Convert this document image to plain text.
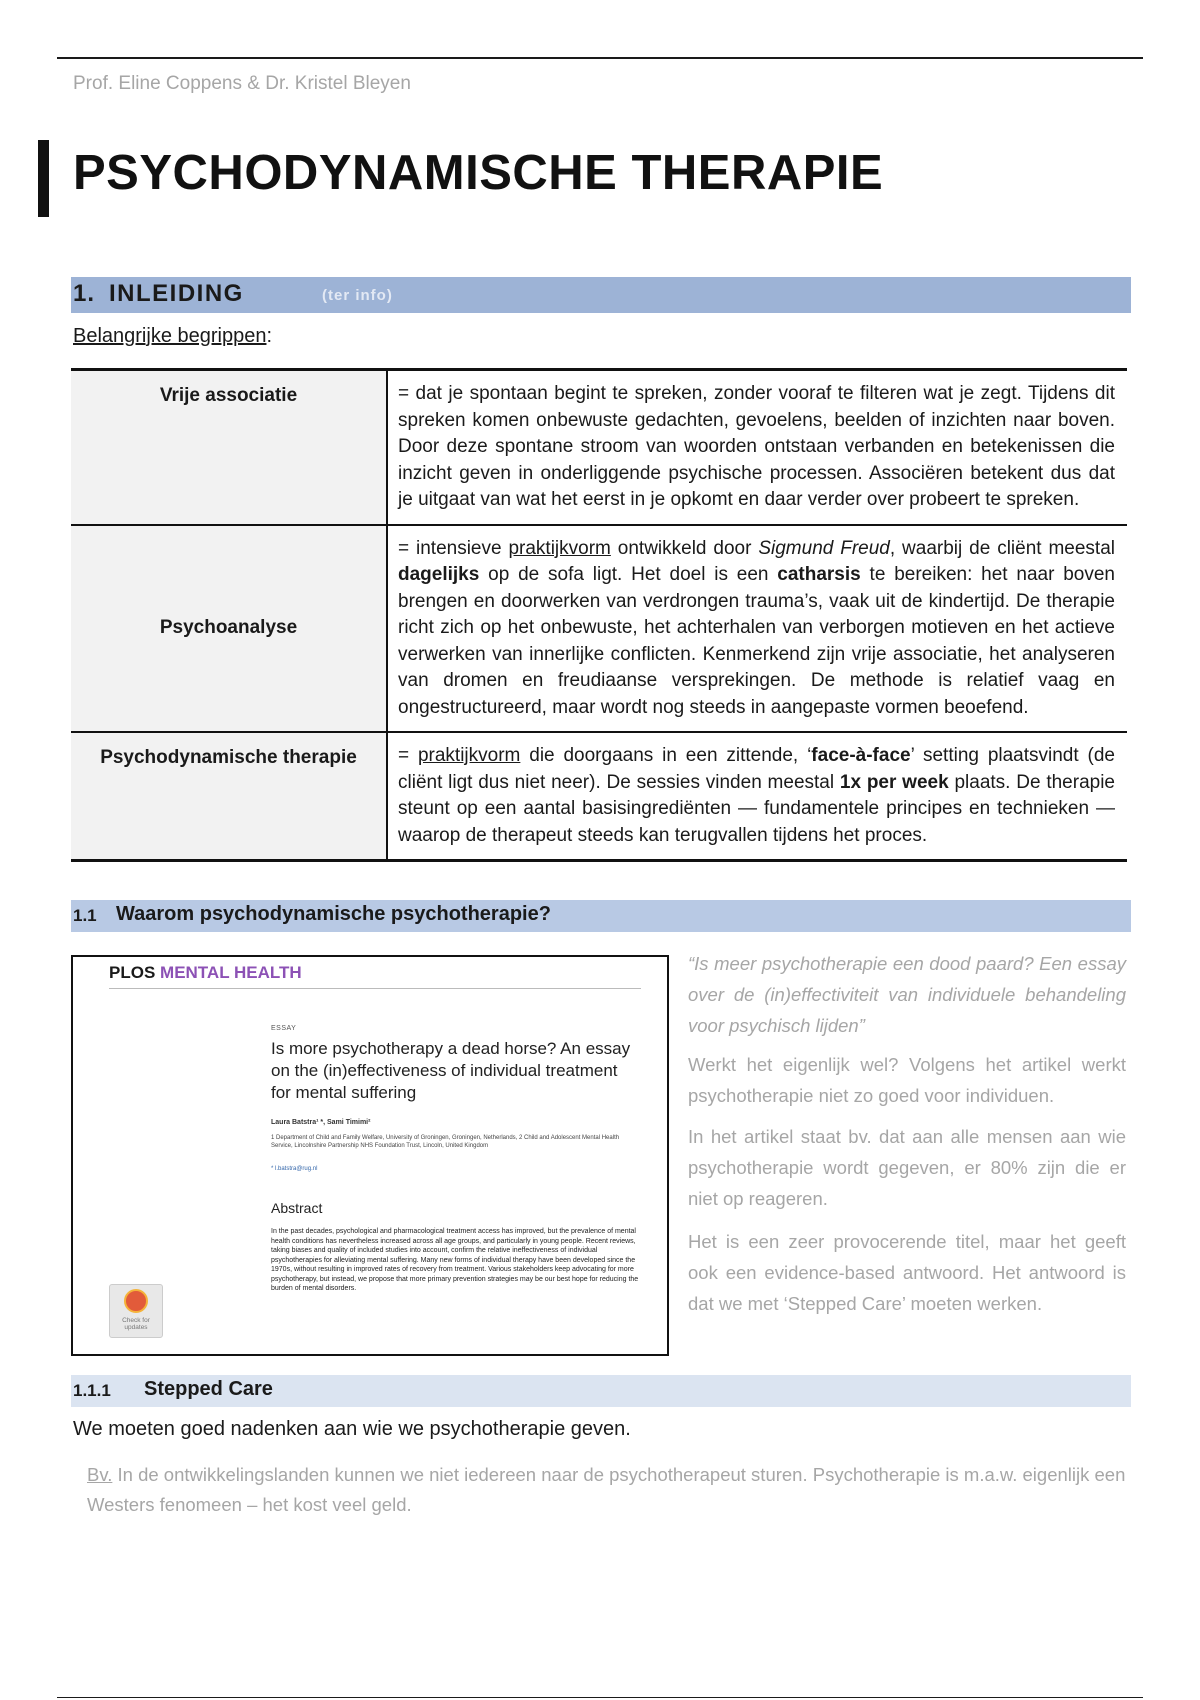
Prof. Eline Coppens & Dr. Kristel Bleyen
PSYCHODYNAMISCHE THERAPIE
1. INLEIDING	(ter info)
Belangrijke begrippen:
Vrije associatie	= dat je spontaan begint te spreken, zonder vooraf te filteren wat je zegt. Tijdens dit spreken komen onbewuste gedachten, gevoelens, beelden of inzichten naar boven. Door deze spontane stroom van woorden ontstaan verbanden en betekenissen die inzicht geven in onderliggende psychische processen. Associëren betekent dus dat je uitgaat van wat het eerst in je opkomt en daar verder over probeert te spreken.
Psychoanalyse	= intensieve praktijkvorm ontwikkeld door Sigmund Freud, waarbij de cliënt meestal dagelijks op de sofa ligt. Het doel is een catharsis te bereiken: het naar boven brengen en doorwerken van verdrongen trauma’s, vaak uit de kindertijd. De therapie richt zich op het onbewuste, het achterhalen van verborgen motieven en het actieve verwerken van innerlijke conflicten. Kenmerkend zijn vrije associatie, het analyseren van dromen en freudiaanse versprekingen. De methode is relatief vaag en ongestructureerd, maar wordt nog steeds in aangepaste vormen beoefend.
Psychodynamische therapie	= praktijkvorm die doorgaans in een zittende, ‘face-à-face’ setting plaatsvindt (de cliënt ligt dus niet neer). De sessies vinden meestal 1x per week plaats. De therapie steunt op een aantal basisingrediënten — fundamentele principes en technieken — waarop de therapeut steeds kan terugvallen tijdens het proces.
1.1 Waarom psychodynamische psychotherapie?
PLOS MENTAL HEALTH
ESSAY
Is more psychotherapy a dead horse? An essay on the (in)effectiveness of individual treatment for mental suffering
Laura Batstra¹ *, Sami Timimi²
1 Department of Child and Family Welfare, University of Groningen, Groningen, Netherlands, 2 Child and Adolescent Mental Health Service, Lincolnshire Partnership NHS Foundation Trust, Lincoln, United Kingdom
* l.batstra@rug.nl
Abstract
In the past decades, psychological and pharmacological treatment access has improved, but the prevalence of mental health conditions has nevertheless increased across all age groups, and particularly in young people. Recent reviews, taking biases and quality of included studies into account, confirm the relative ineffectiveness of individual psychotherapies for alleviating mental suffering. Many new forms of individual therapy have been developed since the 1970s, without resulting in improved rates of recovery from treatment. Various stakeholders keep advocating for more psychotherapy, but instead, we propose that more primary prevention strategies may be our best hope for reducing the burden of mental disorders.
Check for updates

“Is meer psychotherapie een dood paard? Een essay over de (in)effectiviteit van individuele behandeling voor psychisch lijden”

Werkt het eigenlijk wel? Volgens het artikel werkt psychotherapie niet zo goed voor individuen.

In het artikel staat bv. dat aan alle mensen aan wie psychotherapie wordt gegeven, er 80% zijn die er niet op reageren.

Het is een zeer provocerende titel, maar het geeft ook een evidence-based antwoord. Het antwoord is dat we met ‘Stepped Care’ moeten werken.

1.1.1 Stepped Care

We moeten goed nadenken aan wie we psychotherapie geven.

Bv. In de ontwikkelingslanden kunnen we niet iedereen naar de psychotherapeut sturen. Psychotherapie is m.a.w. eigenlijk een Westers fenomeen – het kost veel geld.
